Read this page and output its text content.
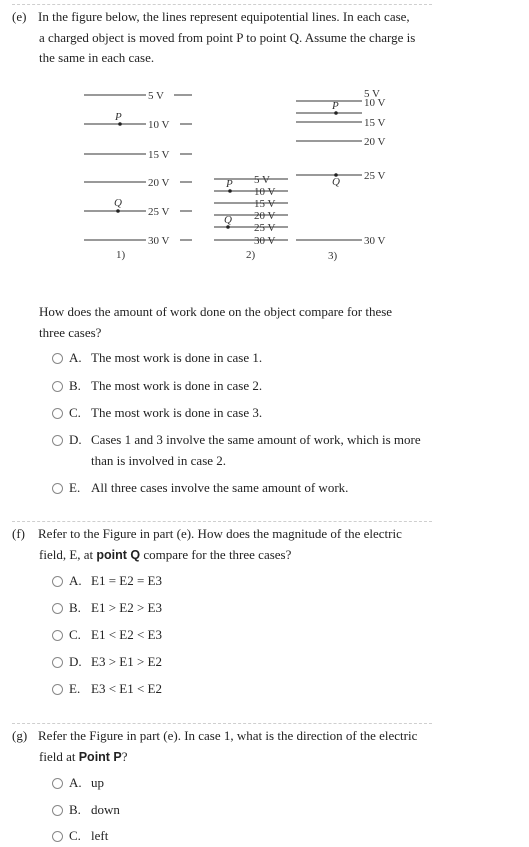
(e) In the figure below, the lines represent equipotential lines. In each case,
a charged object is moved from point P to point Q. Assume the charge is
the same in each case.
5 V
10 V
15 V
20 V
25 V
30 V
P
Q
1)
5 V
10 V
15 V
20 V
25 V
30 V
P
Q
2)
5 V
10 V
15 V
20 V
25 V
30 V
P
Q
3)
How does the amount of work done on the object compare for these
three cases?
A. The most work is done in case 1.
B. The most work is done in case 2.
C. The most work is done in case 3.
D. Cases 1 and 3 involve the same amount of work, which is more
than is involved in case 2.
E. All three cases involve the same amount of work.
(f) Refer to the Figure in part (e). How does the magnitude of the electric
field, E, at point Q compare for the three cases?
A. E1 = E2 = E3
B. E1 > E2 > E3
C. E1 < E2 < E3
D. E3 > E1 > E2
E. E3 < E1 < E2
(g) Refer the Figure in part (e). In case 1, what is the direction of the electric
field at Point P?
A. up
B. down
C. left
